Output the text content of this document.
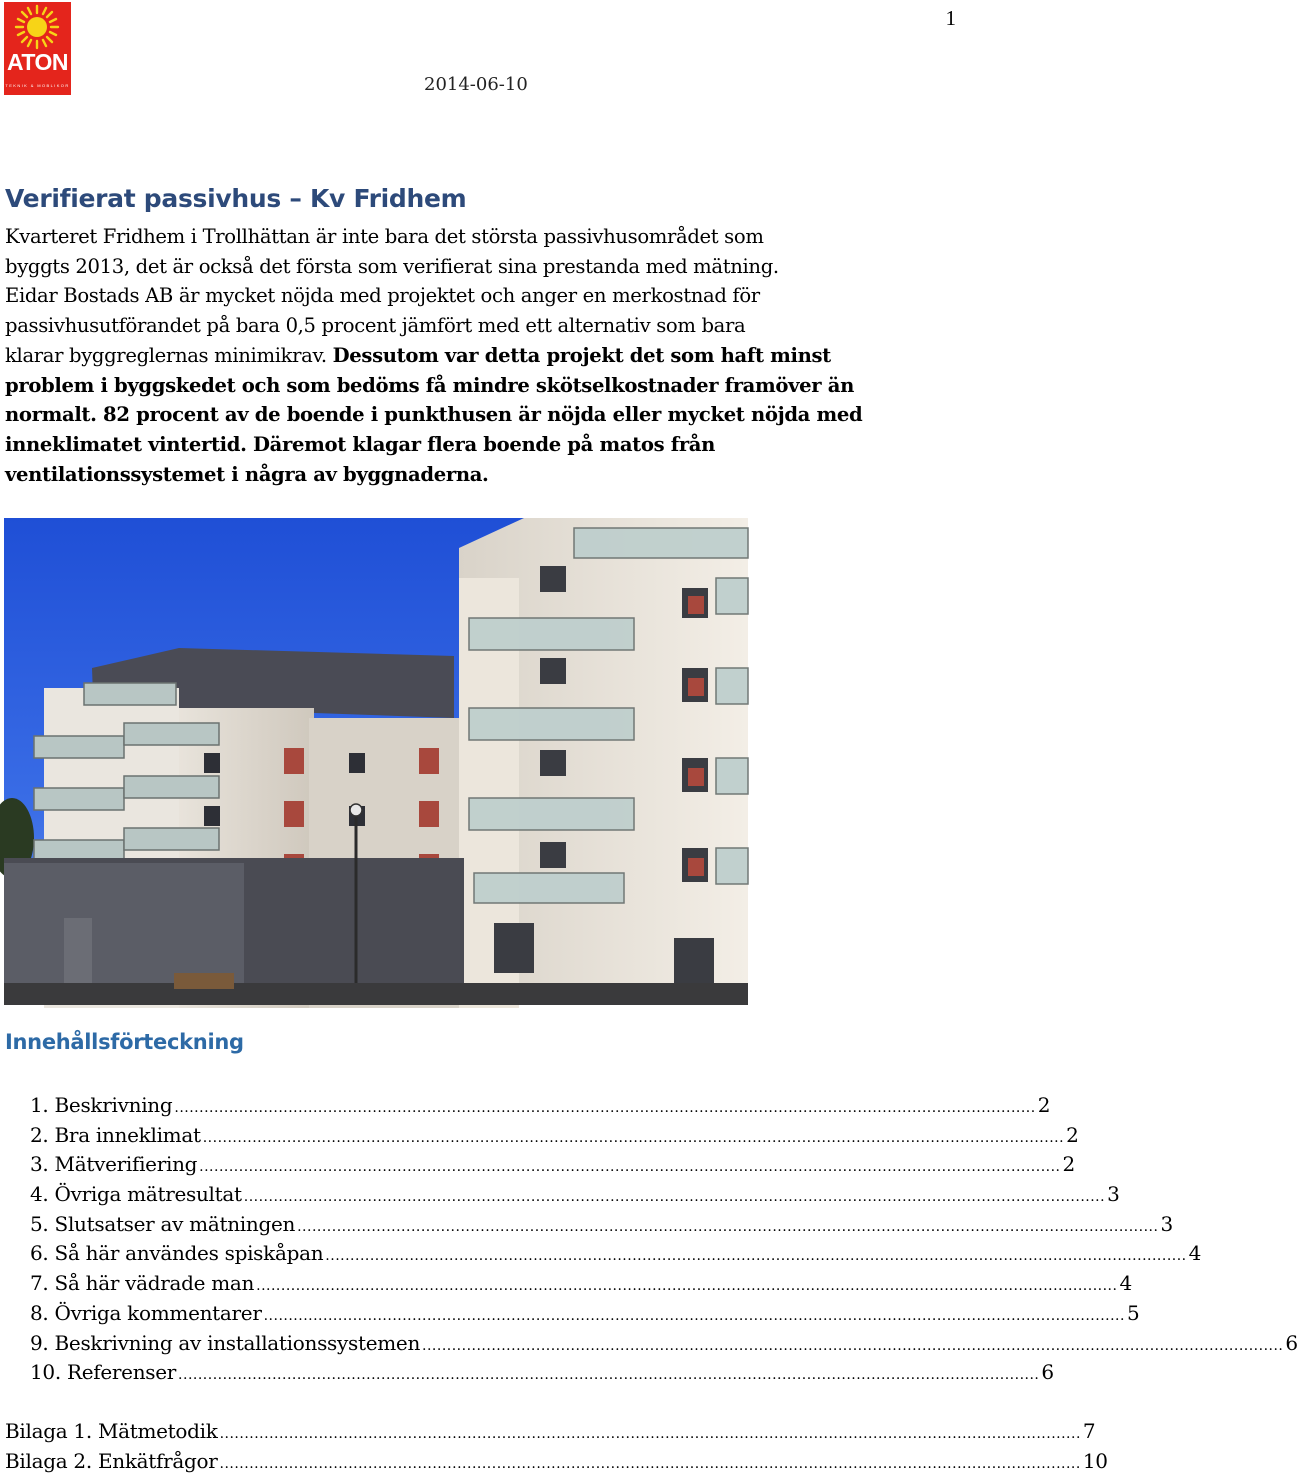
ATON
TEKNIK & MOBLIKOR
1
2014-06-10
Verifierat passivhus – Kv Fridhem
Kvarteret Fridhem i Trollhättan är inte bara det största passivhusområdet som
byggts 2013, det är också det första som verifierat sina prestanda med mätning.
Eidar Bostads AB är mycket nöjda med projektet och anger en merkostnad för
passivhusutförandet på bara 0,5 procent jämfört med ett alternativ som bara
klarar byggreglernas minimikrav. Dessutom var detta projekt det som haft minst
problem i byggskedet och som bedöms få mindre skötselkostnader framöver än
normalt. 82 procent av de boende i punkthusen är nöjda eller mycket nöjda med
inneklimatet vintertid. Däremot klagar flera boende på matos från
ventilationssystemet i några av byggnaderna.
Innehållsförteckning
1. Beskrivning .............................................................................................................................................................................. 2
2. Bra inneklimat .............................................................................................................................................................................. 2
3. Mätverifiering .............................................................................................................................................................................. 2
4. Övriga mätresultat .............................................................................................................................................................................. 3
5. Slutsatser av mätningen .............................................................................................................................................................................. 3
6. Så här användes spiskåpan .............................................................................................................................................................................. 4
7. Så här vädrade man .............................................................................................................................................................................. 4
8. Övriga kommentarer .............................................................................................................................................................................. 5
9. Beskrivning av installationssystemen .............................................................................................................................................................................. 6
10. Referenser .............................................................................................................................................................................. 6
Bilaga 1. Mätmetodik .............................................................................................................................................................................. 7
Bilaga 2. Enkätfrågor .............................................................................................................................................................................. 10
